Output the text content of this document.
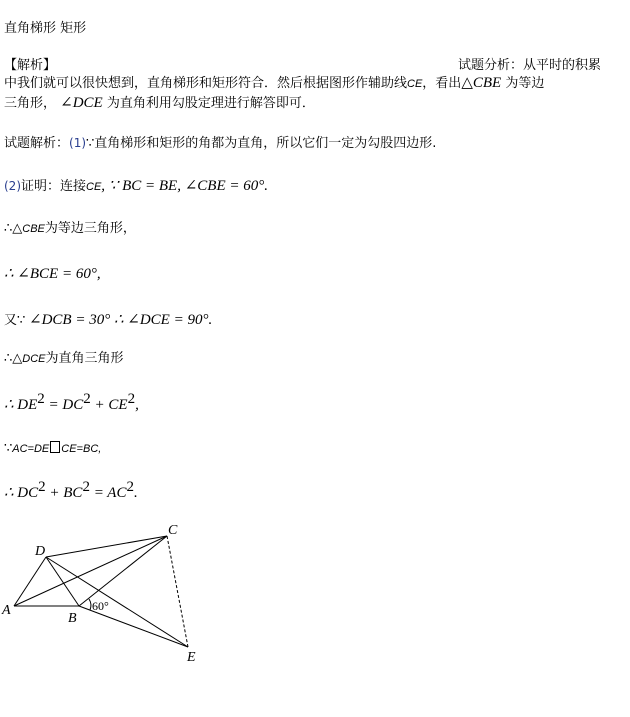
直角梯形 矩形
【解析】	试题分析：从平时的积累
中我们就可以很快想到，直角梯形和矩形符合．然后根据图形作辅助线CE，看出△CBE 为等边
三角形， ∠DCE 为直角利用勾股定理进行解答即可．
试题解析：(1)∵直角梯形和矩形的角都为直角，所以它们一定为勾股四边形.
(2)证明：连接CE, ∵ BC = BE, ∠CBE = 60°.
∴△CBE为等边三角形，
∴ ∠BCE = 60°,
又∵ ∠DCB = 30° ∴ ∠DCE = 90°.
∴△DCE为直角三角形
∴ $DE^2 = DC^2 + CE^2$,
∵AC=DE CE=BC,
∴ $DC^2 + BC^2 = AC^2$.
A
B
C
D
E
60°
